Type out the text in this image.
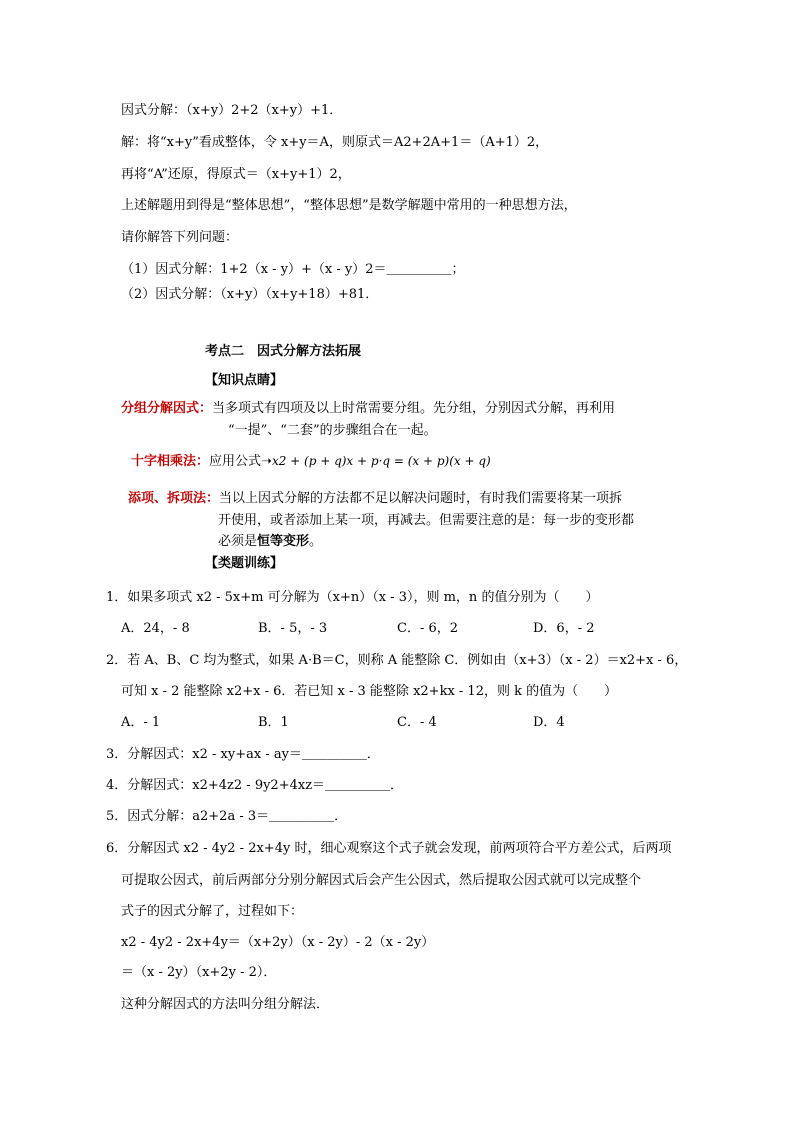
因式分解：（x+y）2+2（x+y）+1．
解：将“x+y”看成整体，令 x+y＝A，则原式＝A2+2A+1＝（A+1）2，
再将“A”还原，得原式＝（x+y+1）2，
上述解题用到得是“整体思想”，“整体思想”是数学解题中常用的一种思想方法，
请你解答下列问题：
（1）因式分解：1+2（x - y）+（x - y）2＝＿＿＿＿＿；
（2）因式分解：（x+y）（x+y+18）+81．
考点二　因式分解方法拓展
【知识点睛】
分组分解因式：当多项式有四项及以上时常需要分组。先分组，分别因式分解，再利用
“一提”、“二套”的步骤组合在一起。
十字相乘法：应用公式➝x2 + (p + q)x + p·q = (x + p)(x + q)
添项、拆项法：当以上因式分解的方法都不足以解决问题时，有时我们需要将某一项拆
开使用，或者添加上某一项，再减去。但需要注意的是：每一步的变形都
必须是恒等变形。
【类题训练】
1．如果多项式 x2 - 5x+m 可分解为（x+n）（x - 3），则 m，n 的值分别为（　　）
A．24，- 8	B．- 5，- 3	C．- 6，2	D．6，- 2
2．若 A、B、C 均为整式，如果 A·B＝C，则称 A 能整除 C．例如由（x+3）（x - 2）＝x2+x - 6，
可知 x - 2 能整除 x2+x - 6．若已知 x - 3 能整除 x2+kx - 12，则 k 的值为（　　）
A．- 1	B．1	C．- 4	D．4
3．分解因式：x2 - xy+ax - ay＝＿＿＿＿＿．
4．分解因式：x2+4z2 - 9y2+4xz＝＿＿＿＿＿．
5．因式分解：a2+2a - 3＝＿＿＿＿＿．
6．分解因式 x2 - 4y2 - 2x+4y 时，细心观察这个式子就会发现，前两项符合平方差公式，后两项
可提取公因式，前后两部分分别分解因式后会产生公因式，然后提取公因式就可以完成整个
式子的因式分解了，过程如下：
x2 - 4y2 - 2x+4y＝（x+2y）（x - 2y）- 2（x - 2y）
＝（x - 2y）（x+2y - 2）．
这种分解因式的方法叫分组分解法．
